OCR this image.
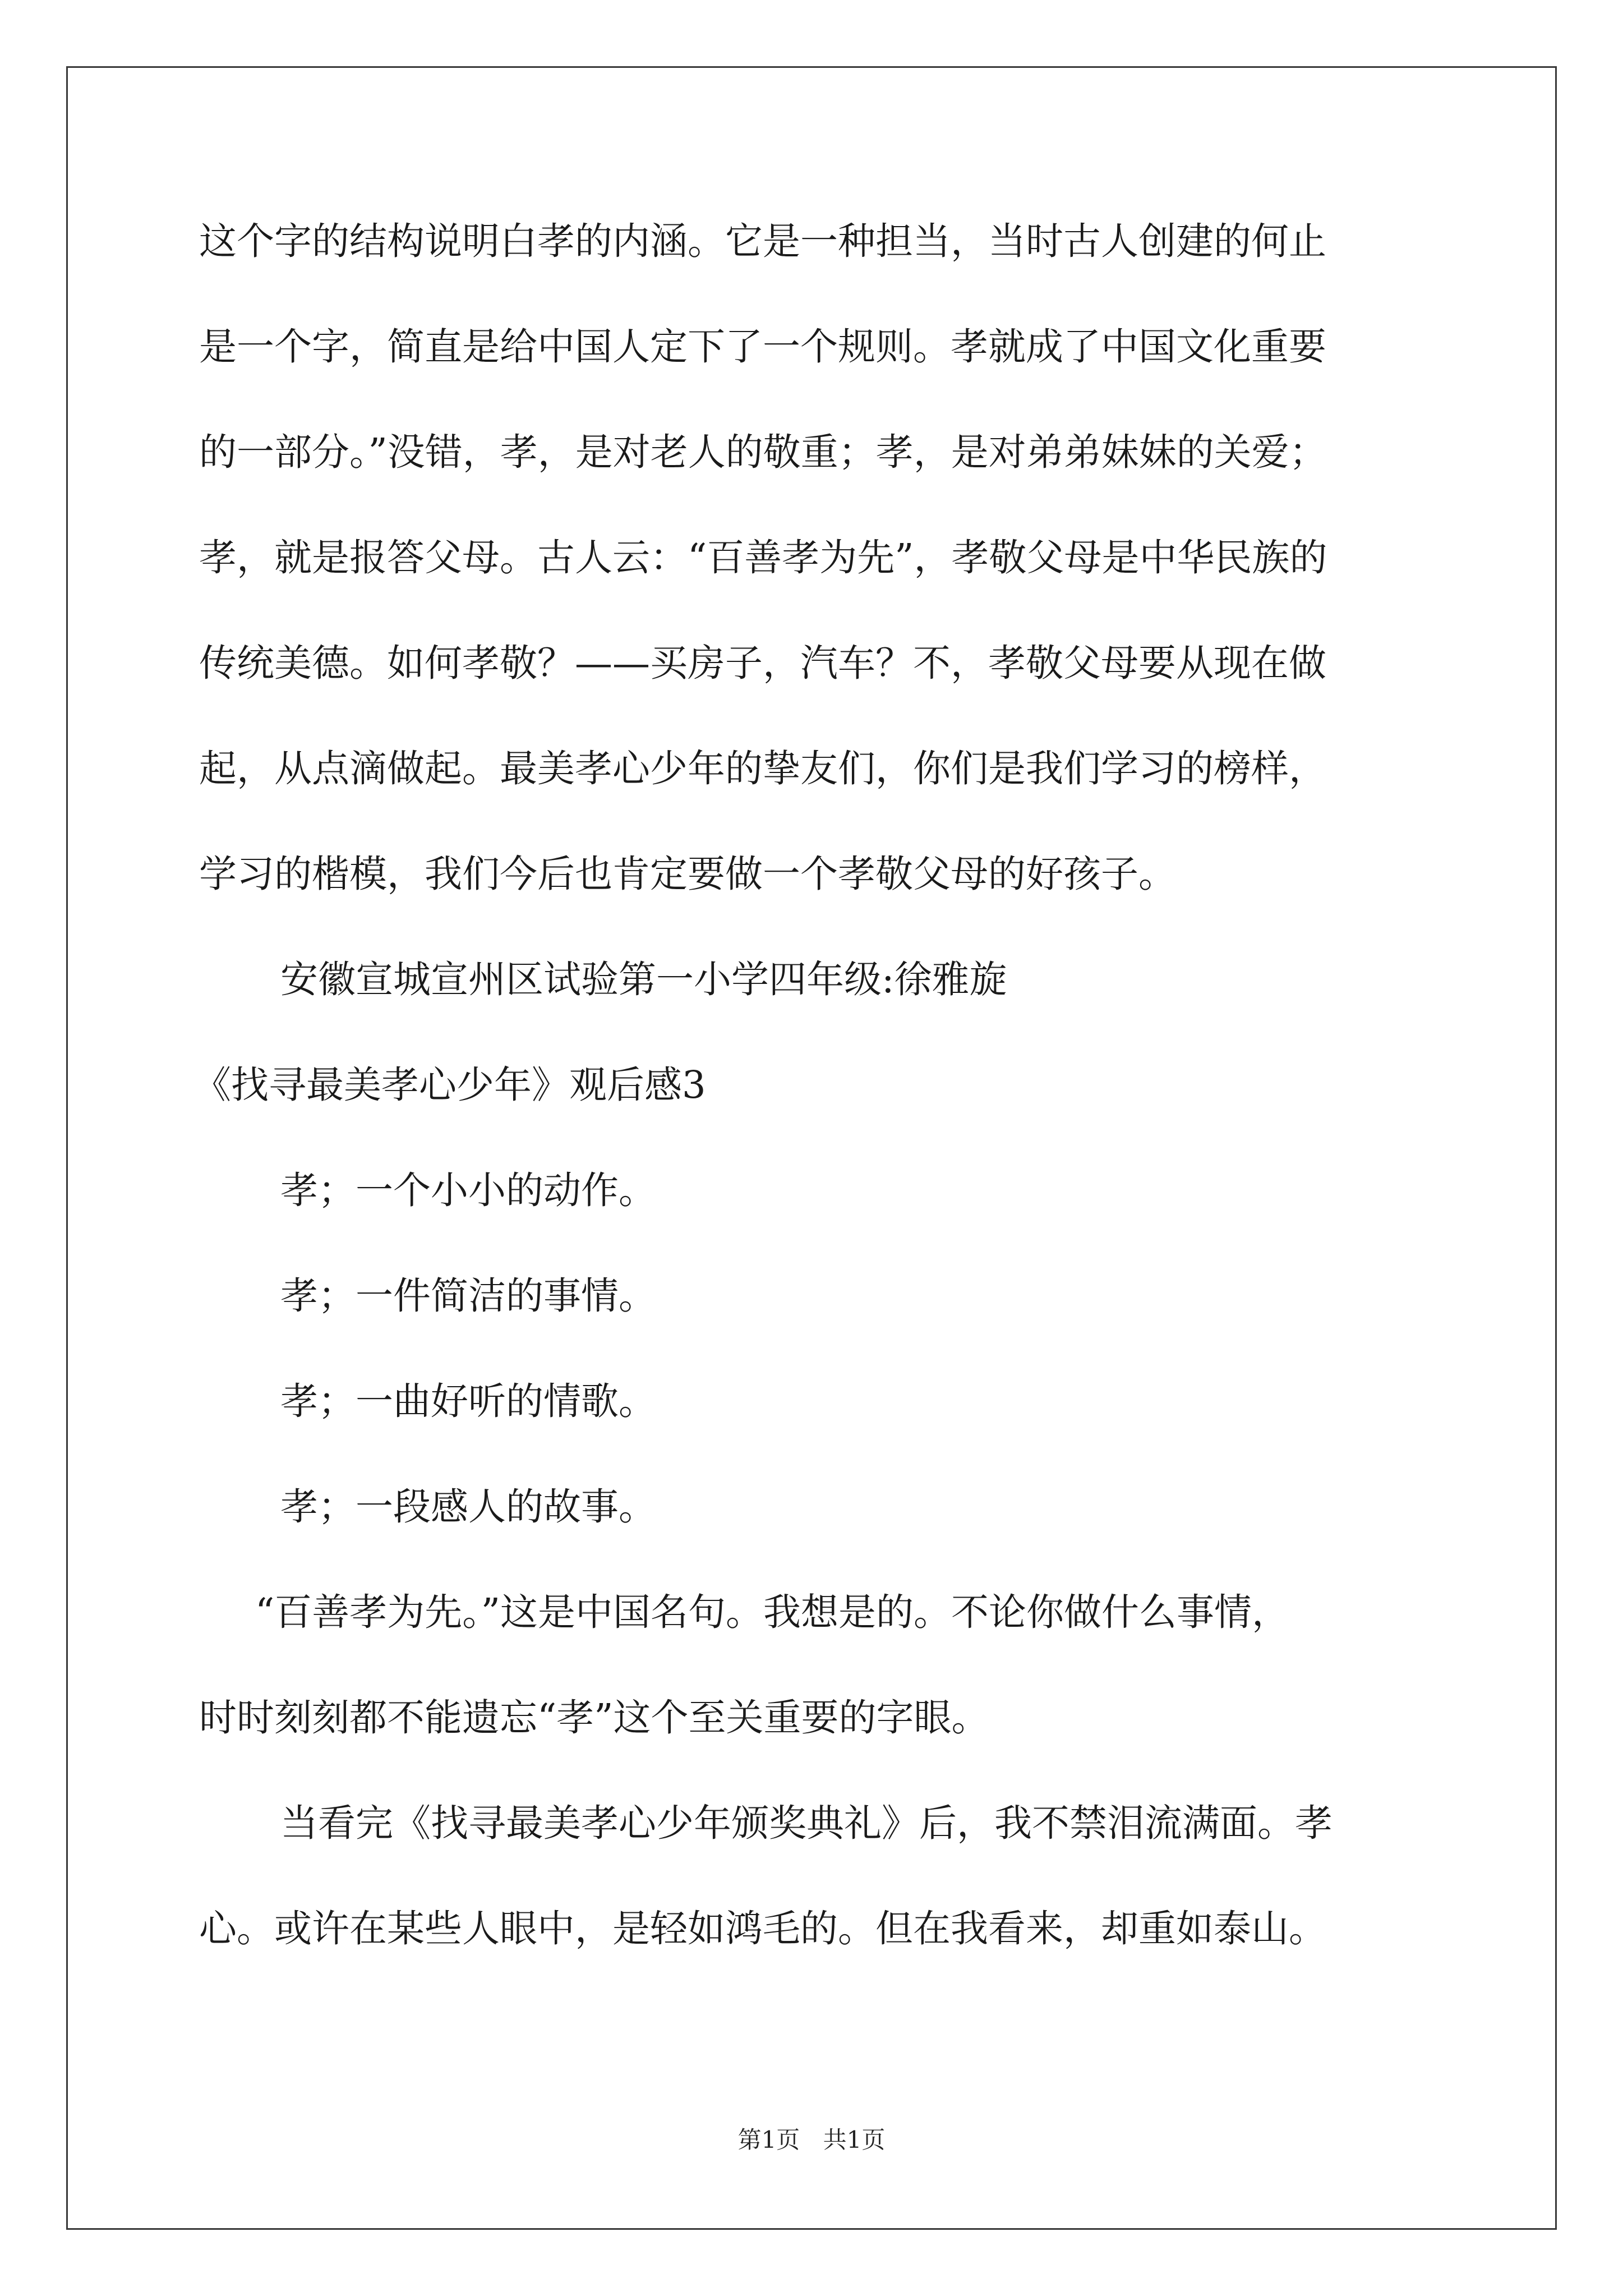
这个字的结构说明白孝的内涵。它是一种担当，当时古人创建的何止
是一个字，简直是给中国人定下了一个规则。孝就成了中国文化重要
的一部分。”没错，孝，是对老人的敬重；孝，是对弟弟妹妹的关爱；
孝，就是报答父母。古人云：“百善孝为先”，孝敬父母是中华民族的
传统美德。如何孝敬？——买房子，汽车？不，孝敬父母要从现在做
起，从点滴做起。最美孝心少年的挚友们，你们是我们学习的榜样，
学习的楷模，我们今后也肯定要做一个孝敬父母的好孩子。
安徽宣城宣州区试验第一小学四年级:徐雅旋
《找寻最美孝心少年》观后感3
孝；一个小小的动作。
孝；一件简洁的事情。
孝；一曲好听的情歌。
孝；一段感人的故事。
“百善孝为先。”这是中国名句。我想是的。不论你做什么事情，
时时刻刻都不能遗忘“孝”这个至关重要的字眼。
当看完《找寻最美孝心少年颁奖典礼》后，我不禁泪流满面。孝
心。或许在某些人眼中，是轻如鸿毛的。但在我看来，却重如泰山。
第1页 共1页
